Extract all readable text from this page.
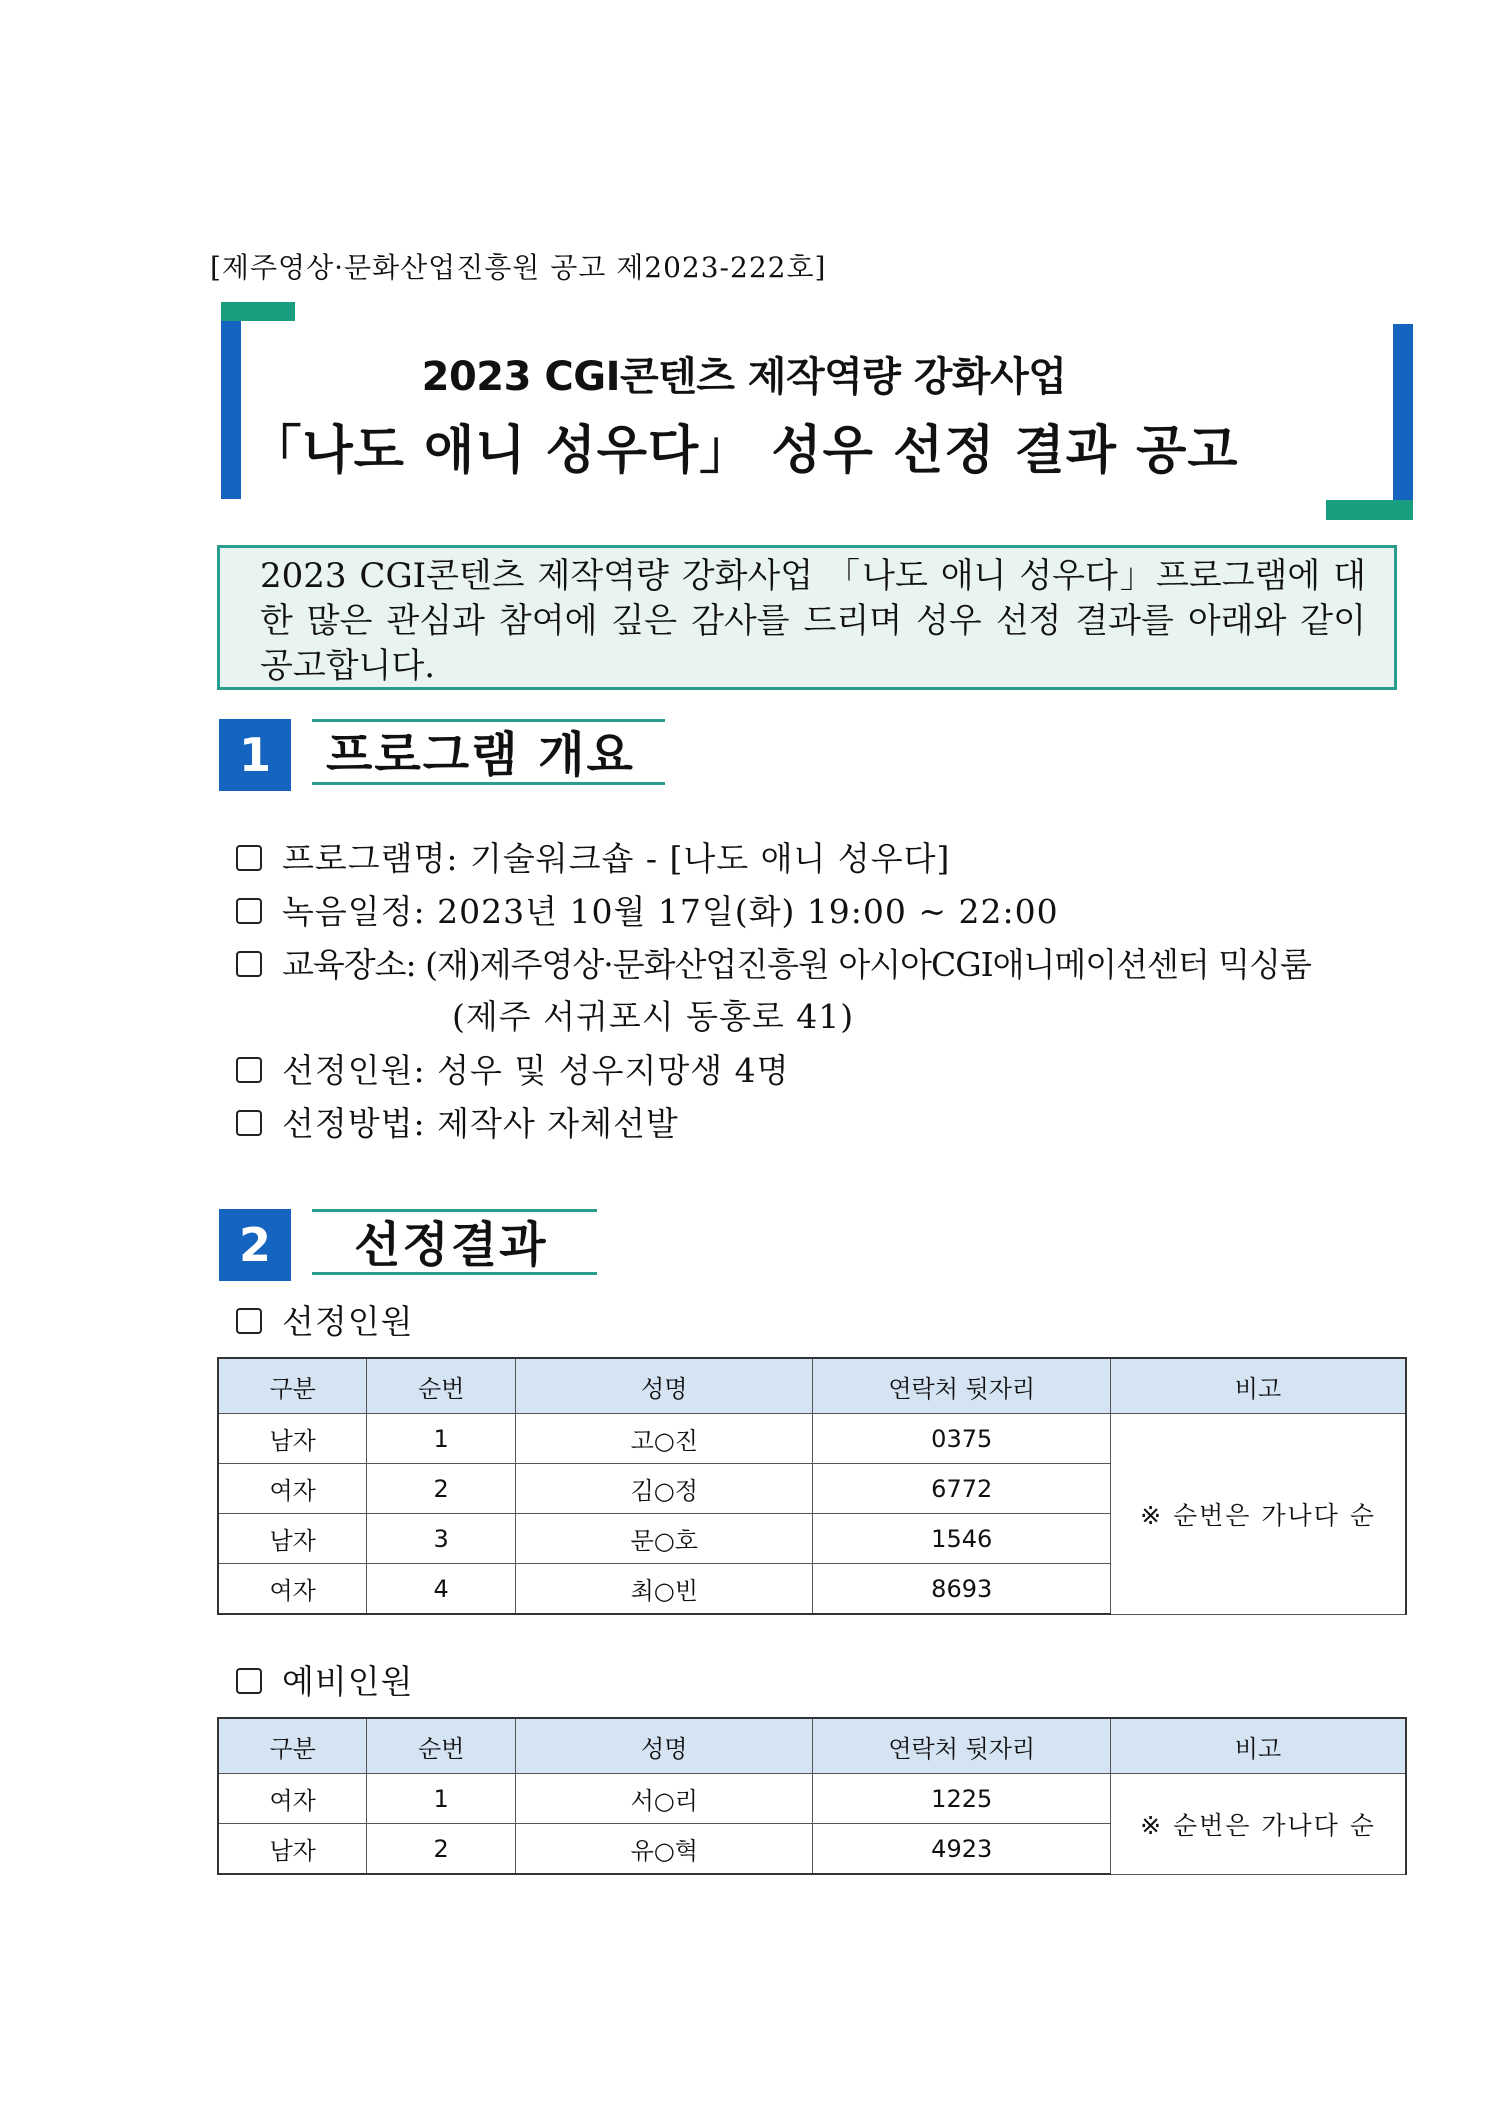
[제주영상·문화산업진흥원 공고 제2023-222호]
2023 CGI콘텐츠 제작역량 강화사업
「나도 애니 성우다」 성우 선정 결과 공고
2023 CGI콘텐츠 제작역량 강화사업 「나도 애니 성우다」프로그램에 대한 많은 관심과 참여에 깊은 감사를 드리며 성우 선정 결과를 아래와 같이 공고합니다.
1	프로그램 개요
프로그램명: 기술워크숍 - [나도 애니 성우다]
녹음일정: 2023년 10월 17일(화) 19:00 ~ 22:00
교육장소: (재)제주영상·문화산업진흥원 아시아CGI애니메이션센터 믹싱룸
(제주 서귀포시 동홍로 41)
선정인원: 성우 및 성우지망생 4명
선정방법: 제작사 자체선발
2	선정결과
선정인원
구분	순번	성명	연락처 뒷자리	비고
남자	1	고○진	0375	※ 순번은 가나다 순
여자	2	김○정	6772	
남자	3	문○호	1546	
여자	4	최○빈	8693	
예비인원
구분	순번	성명	연락처 뒷자리	비고
여자	1	서○리	1225	※ 순번은 가나다 순
남자	2	유○혁	4923	
